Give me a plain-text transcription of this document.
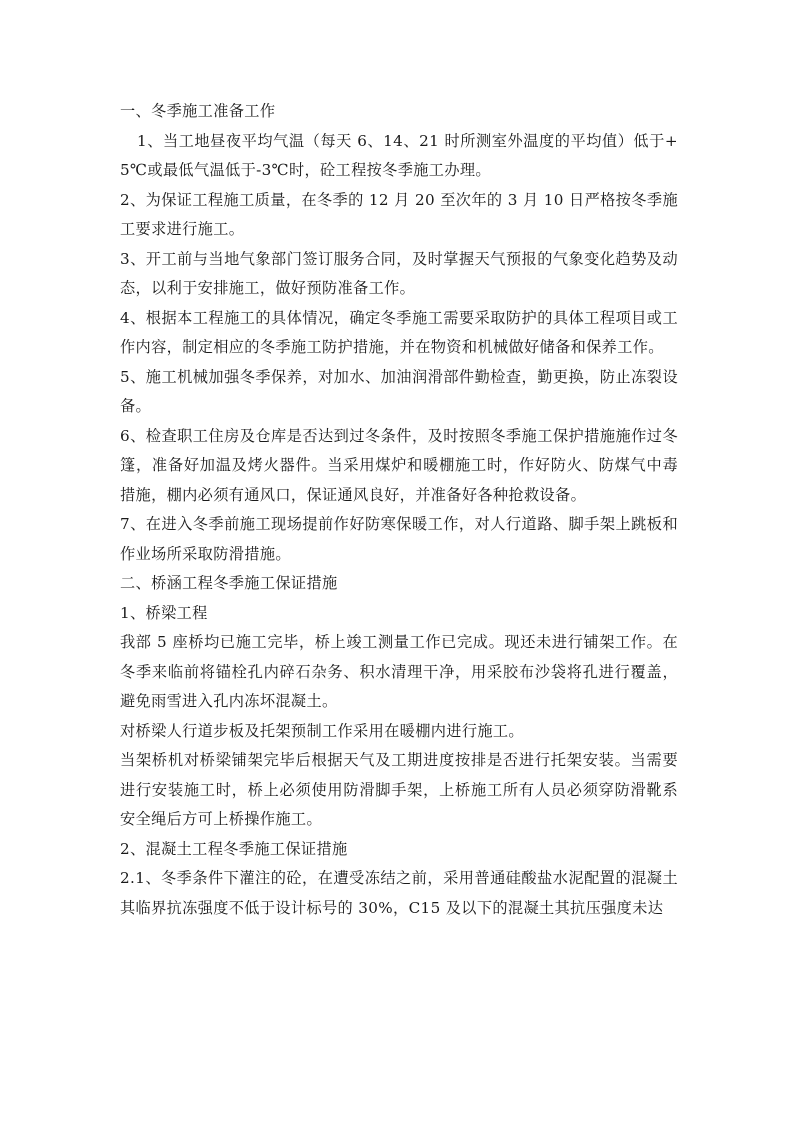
一、冬季施工准备工作

1、当工地昼夜平均气温（每天 6、14、21 时所测室外温度的平均值）低于+5℃或最低气温低于-3℃时，砼工程按冬季施工办理。

2、为保证工程施工质量，在冬季的 12 月 20 至次年的 3 月 10 日严格按冬季施工要求进行施工。

3、开工前与当地气象部门签订服务合同，及时掌握天气预报的气象变化趋势及动态，以利于安排施工，做好预防准备工作。

4、根据本工程施工的具体情况，确定冬季施工需要采取防护的具体工程项目或工作内容，制定相应的冬季施工防护措施，并在物资和机械做好储备和保养工作。

5、施工机械加强冬季保养，对加水、加油润滑部件勤检查，勤更换，防止冻裂设备。

6、检查职工住房及仓库是否达到过冬条件，及时按照冬季施工保护措施施作过冬篷，准备好加温及烤火器件。当采用煤炉和暖棚施工时，作好防火、防煤气中毒措施，棚内必须有通风口，保证通风良好，并准备好各种抢救设备。

7、在进入冬季前施工现场提前作好防寒保暖工作，对人行道路、脚手架上跳板和作业场所采取防滑措施。

二、桥涵工程冬季施工保证措施

1、桥梁工程

我部 5 座桥均已施工完毕，桥上竣工测量工作已完成。现还未进行铺架工作。在冬季来临前将锚栓孔内碎石杂务、积水清理干净，用采胶布沙袋将孔进行覆盖，避免雨雪进入孔内冻坏混凝土。

对桥梁人行道步板及托架预制工作采用在暖棚内进行施工。

当架桥机对桥梁铺架完毕后根据天气及工期进度按排是否进行托架安装。当需要进行安装施工时，桥上必须使用防滑脚手架，上桥施工所有人员必须穿防滑靴系安全绳后方可上桥操作施工。

2、混凝土工程冬季施工保证措施

2.1、冬季条件下灌注的砼，在遭受冻结之前，采用普通硅酸盐水泥配置的混凝土其临界抗冻强度不低于设计标号的 30%，C15 及以下的混凝土其抗压强度未达
